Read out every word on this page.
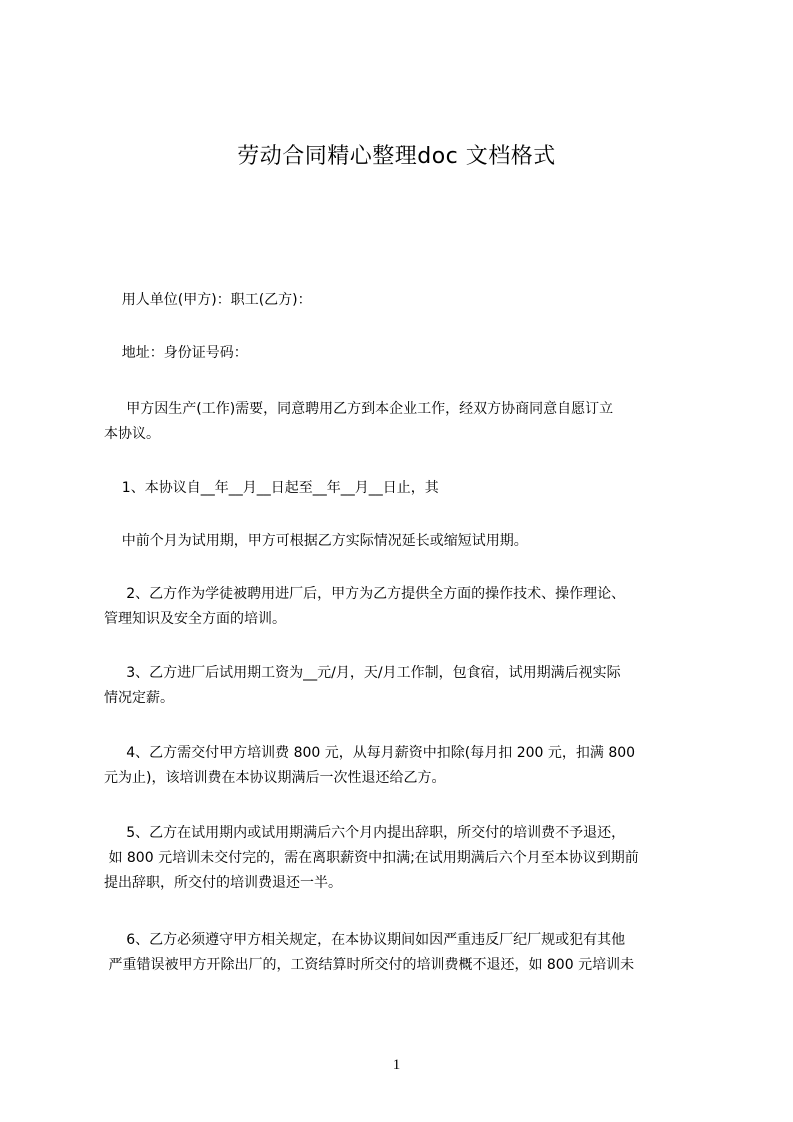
劳动合同精心整理doc 文档格式
用人单位(甲方)：职工(乙方)：
地址：身份证号码：
甲方因生产(工作)需要，同意聘用乙方到本企业工作，经双方协商同意自愿订立
本协议。
1、本协议自__年__月__日起至__年__月__日止，其
中前个月为试用期，甲方可根据乙方实际情况延长或缩短试用期。
2、乙方作为学徒被聘用进厂后，甲方为乙方提供全方面的操作技术、操作理论、
管理知识及安全方面的培训。
3、乙方进厂后试用期工资为__元/月，天/月工作制，包食宿，试用期满后视实际
情况定薪。
4、乙方需交付甲方培训费 800 元，从每月薪资中扣除(每月扣 200 元，扣满 800
元为止)，该培训费在本协议期满后一次性退还给乙方。
5、乙方在试用期内或试用期满后六个月内提出辞职，所交付的培训费不予退还，
如 800 元培训未交付完的，需在离职薪资中扣满;在试用期满后六个月至本协议到期前
提出辞职，所交付的培训费退还一半。
6、乙方必须遵守甲方相关规定，在本协议期间如因严重违反厂纪厂规或犯有其他
严重错误被甲方开除出厂的，工资结算时所交付的培训费概不退还，如 800 元培训未
1
